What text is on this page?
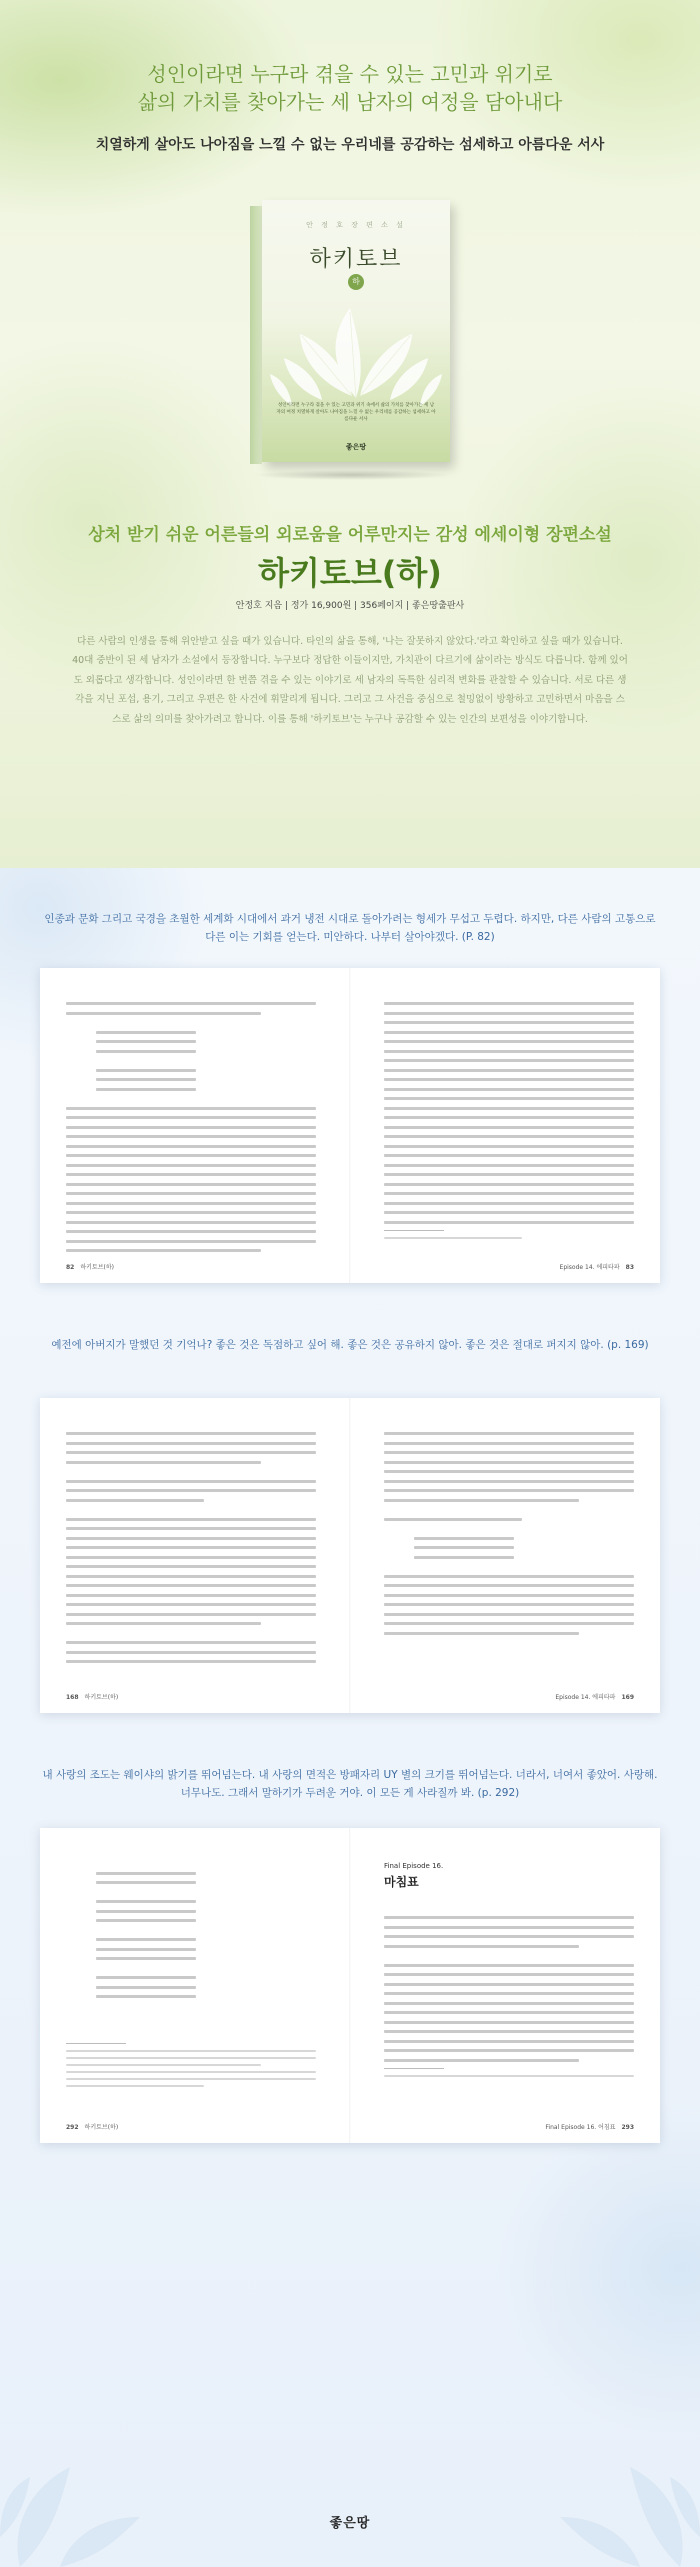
성인이라면 누구라 겪을 수 있는 고민과 위기로
삶의 가치를 찾아가는 세 남자의 여정을 담아내다
치열하게 살아도 나아짐을 느낄 수 없는 우리네를 공감하는 섬세하고 아름다운 서사
안 정 호 장 편 소 설
하키토브
하
성인이라면 누구라 겪을 수 있는 고민과 위기 속에서 삶의 가치를 찾아가는 세 남자의 여정 치열하게 살아도 나아짐을 느낄 수 없는 우리네를 공감하는 섬세하고 아름다운 서사
좋은땅
상처 받기 쉬운 어른들의 외로움을 어루만지는 감성 에세이형 장편소설
하키토브(하)
안정호 지음 | 정가 16,900원 | 356페이지 | 좋은땅출판사

다른 사람의 인생을 통해 위안받고 싶을 때가 있습니다. 타인의 삶을 통해, '나는 잘못하지 않았다.'라고 확인하고 싶을 때가 있습니다. 40대 중반이 된 세 남자가 소설에서 등장합니다. 누구보다 정답한 이들이지만, 가치관이 다르기에 삶이라는 방식도 다릅니다. 함께 있어도 외롭다고 생각합니다. 성인이라면 한 번쯤 겪을 수 있는 이야기로 세 남자의 독특한 심리적 변화를 관찰할 수 있습니다. 서로 다른 생각을 지닌 포섭, 용기, 그리고 우편은 한 사건에 휘말리게 됩니다. 그리고 그 사건을 중심으로 철밍없이 방황하고 고민하면서 마음을 스스로 삶의 의미를 찾아가려고 합니다. 이를 통해 '하키토브'는 누구나 공감할 수 있는 인간의 보편성을 이야기합니다.

인종과 문화 그리고 국경을 초월한 세계화 시대에서 과거 냉전 시대로 돌아가려는 형세가 무섭고 두렵다. 하지만, 다른 사람의 고통으로 다른 이는 기회를 얻는다. 미안하다. 나부터 살아야겠다. (P. 82)

82 하키토브(하)	Episode 14. 에피타파 83

예전에 아버지가 말했던 것 기억나? 좋은 것은 독점하고 싶어 해. 좋은 것은 공유하지 않아. 좋은 것은 절대로 퍼지지 않아. (p. 169)

168 하키토브(하)	Episode 14. 에피타파 169

내 사랑의 조도는 웨이샤의 밝기를 뛰어넘는다. 내 사랑의 면적은 방패자리 UY 별의 크기를 뛰어넘는다. 너라서, 너여서 좋았어. 사랑해. 너무나도. 그래서 말하기가 두려운 거야. 이 모든 게 사라질까 봐. (p. 292)

Final Episode 16.
마침표
292 하키토브(하)	Final Episode 16. 어침표 293
좋은땅
